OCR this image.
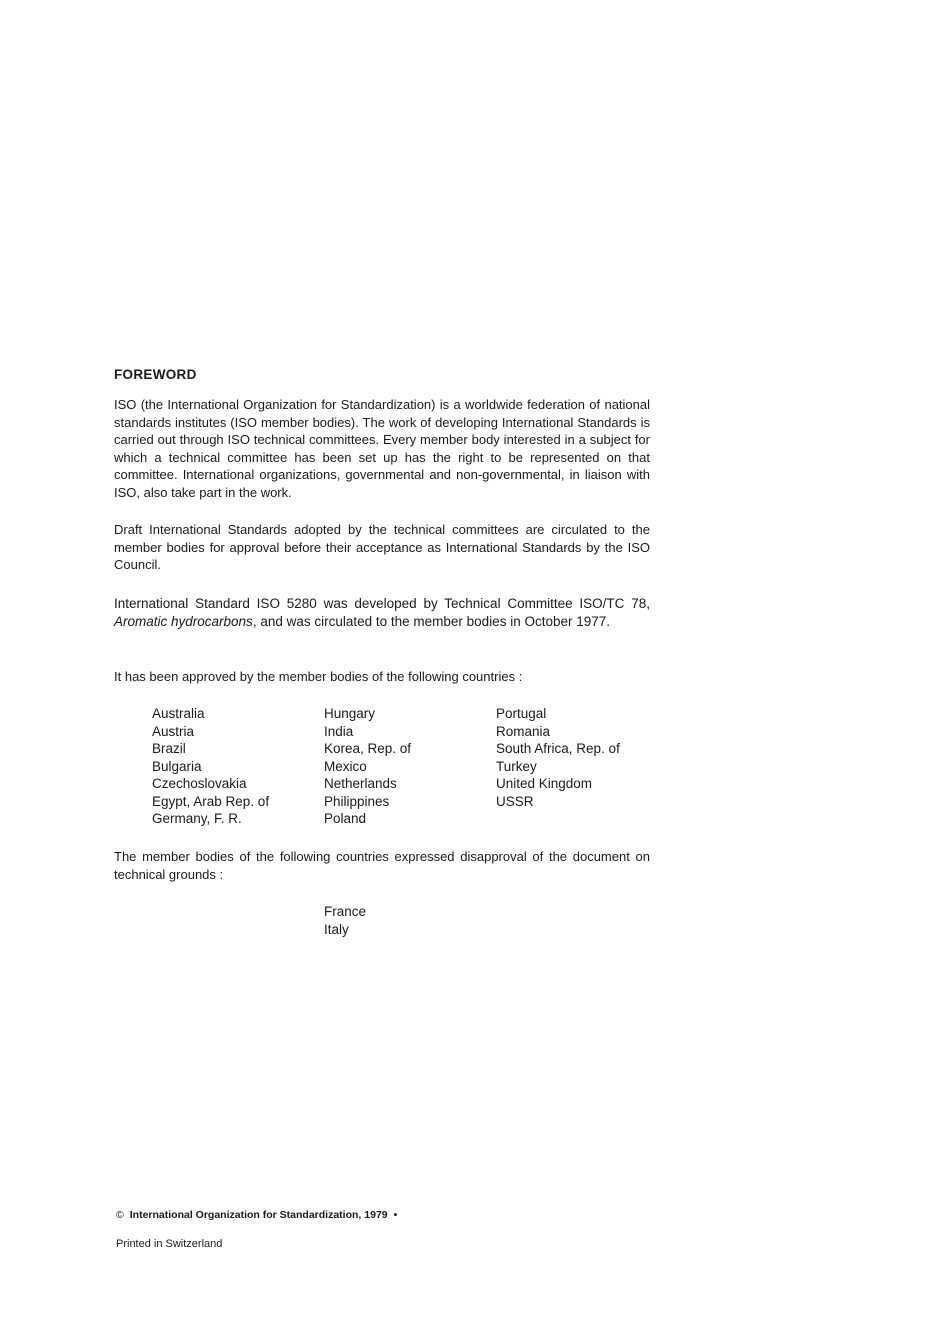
FOREWORD
ISO (the International Organization for Standardization) is a worldwide federation of national standards institutes (ISO member bodies). The work of developing International Standards is carried out through ISO technical committees. Every member body interested in a subject for which a technical committee has been set up has the right to be represented on that committee. International organizations, governmental and non-governmental, in liaison with ISO, also take part in the work.
Draft International Standards adopted by the technical committees are circulated to the member bodies for approval before their acceptance as International Standards by the ISO Council.
International Standard ISO 5280 was developed by Technical Committee ISO/TC 78, Aromatic hydrocarbons, and was circulated to the member bodies in October 1977.
It has been approved by the member bodies of the following countries :
Australia
Austria
Brazil
Bulgaria
Czechoslovakia
Egypt, Arab Rep. of
Germany, F. R.
Hungary
India
Korea, Rep. of
Mexico
Netherlands
Philippines
Poland
Portugal
Romania
South Africa, Rep. of
Turkey
United Kingdom
USSR
The member bodies of the following countries expressed disapproval of the document on technical grounds :
France
Italy
© International Organization for Standardization, 1979 •
Printed in Switzerland
